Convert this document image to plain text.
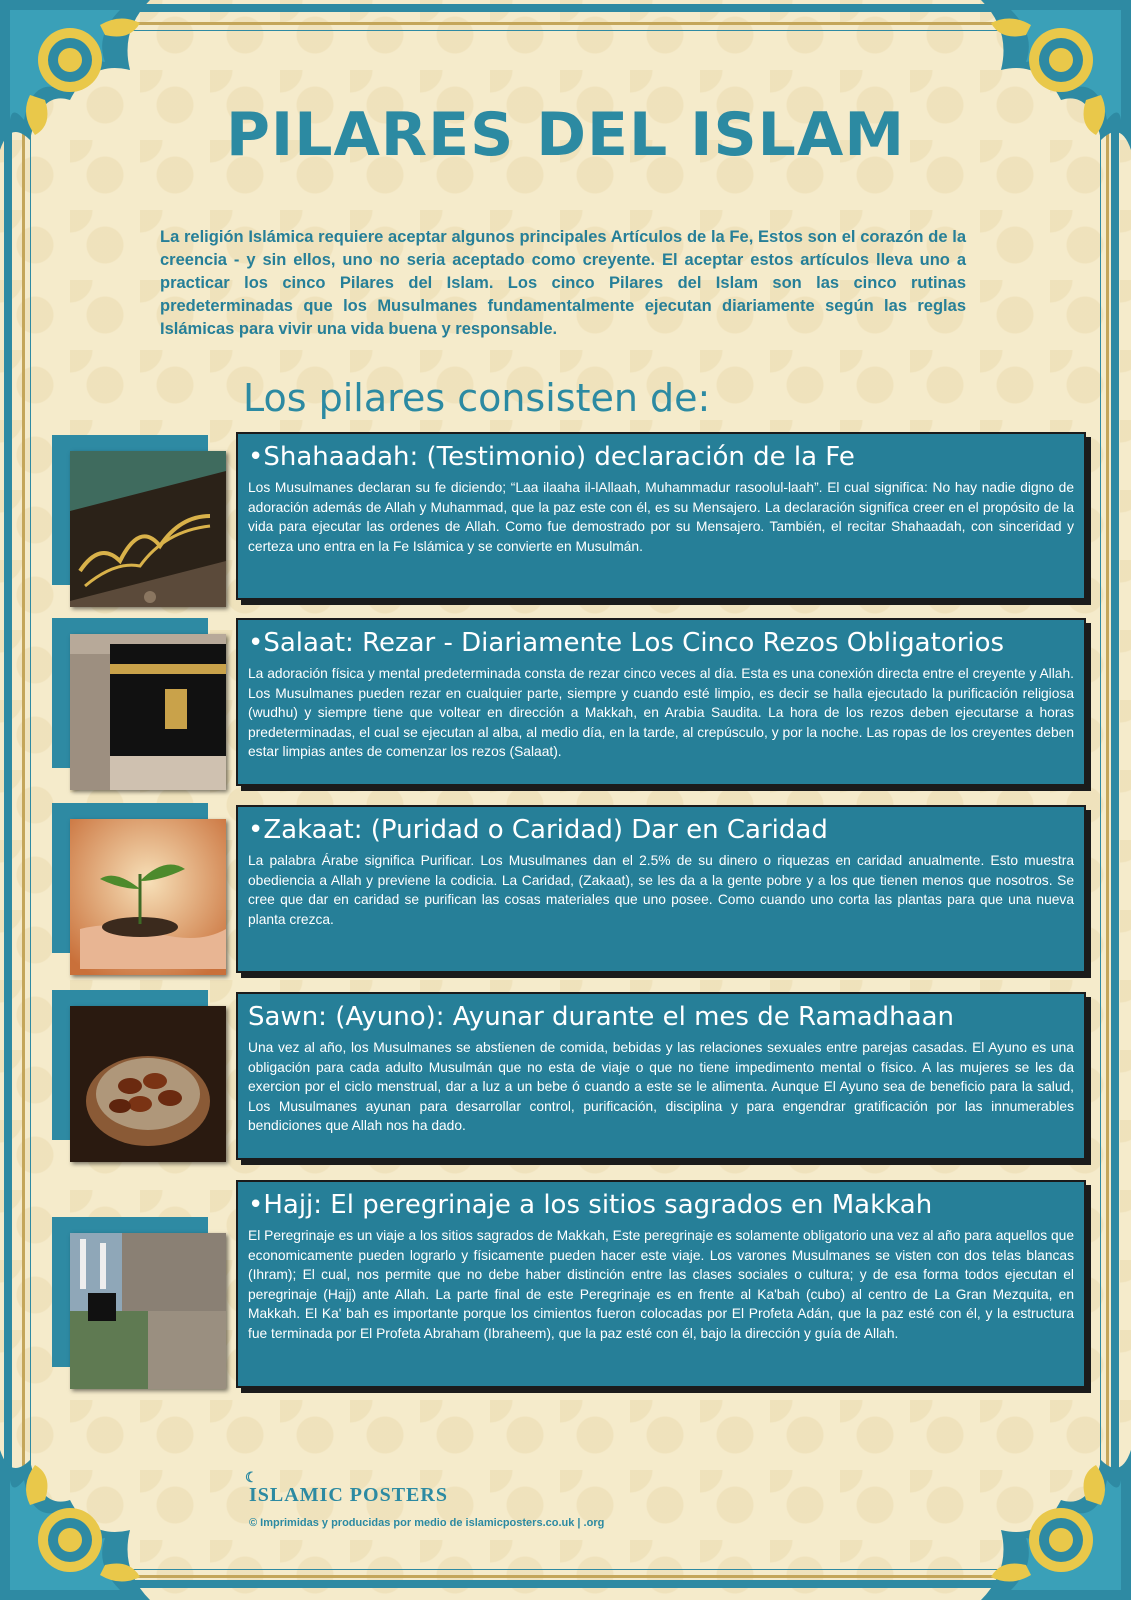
PILARES DEL ISLAM
La religión Islámica requiere aceptar algunos principales Artículos de la Fe, Estos son el corazón de la creencia - y sin ellos, uno no seria aceptado como creyente. El aceptar estos artículos lleva uno a practicar los cinco Pilares del Islam. Los cinco Pilares del Islam son las cinco rutinas predeterminadas que los Musulmanes fundamentalmente ejecutan diariamente según las reglas Islámicas para vivir una vida buena y responsable.
Los pilares consisten de:
•Shahaadah: (Testimonio) declaración de la Fe
Los Musulmanes declaran su fe diciendo; “Laa ilaaha il-lAllaah, Muhammadur rasoolul-laah”. El cual significa: No hay nadie digno de adoración además de Allah y Muhammad, que la paz este con él, es su Mensajero. La declaración significa creer en el propósito de la vida para ejecutar las ordenes de Allah. Como fue demostrado por su Mensajero. También, el recitar Shahaadah, con sinceridad y certeza uno entra en la Fe Islámica y se convierte en Musulmán.
•Salaat: Rezar - Diariamente Los Cinco Rezos Obligatorios
La adoración física y mental predeterminada consta de rezar cinco veces al día. Esta es una conexión directa entre el creyente y Allah. Los Musulmanes pueden rezar en cualquier parte, siempre y cuando esté limpio, es decir se halla ejecutado la purificación religiosa (wudhu) y siempre tiene que voltear en dirección a Makkah, en Arabia Saudita. La hora de los rezos deben ejecutarse a horas predeterminadas, el cual se ejecutan al alba, al medio día, en la tarde, al crepúsculo, y por la noche. Las ropas de los creyentes deben estar limpias antes de comenzar los rezos (Salaat).
•Zakaat: (Puridad o Caridad) Dar en Caridad
La palabra Árabe significa Purificar. Los Musulmanes dan el 2.5% de su dinero o riquezas en caridad anualmente. Esto muestra obediencia a Allah y previene la codicia. La Caridad, (Zakaat), se les da a la gente pobre y a los que tienen menos que nosotros. Se cree que dar en caridad se purifican las cosas materiales que uno posee. Como cuando uno corta las plantas para que una nueva planta crezca.
Sawn: (Ayuno): Ayunar durante el mes de Ramadhaan
Una vez al año, los Musulmanes se abstienen de comida, bebidas y las relaciones sexuales entre parejas casadas. El Ayuno es una obligación para cada adulto Musulmán que no esta de viaje o que no tiene impedimento mental o físico. A las mujeres se les da exercion por el ciclo menstrual, dar a luz a un bebe ó cuando a este se le alimenta. Aunque El Ayuno sea de beneficio para la salud, Los Musulmanes ayunan para desarrollar control, purificación, disciplina y para engendrar gratificación por las innumerables bendiciones que Allah nos ha dado.
•Hajj: El peregrinaje a los sitios sagrados en Makkah
El Peregrinaje es un viaje a los sitios sagrados de Makkah, Este peregrinaje es solamente obligatorio una vez al año para aquellos que economicamente pueden lograrlo y físicamente pueden hacer este viaje. Los varones Musulmanes se visten con dos telas blancas (Ihram); El cual, nos permite que no debe haber distinción entre las clases sociales o cultura; y de esa forma todos ejecutan el peregrinaje (Hajj) ante Allah. La parte final de este Peregrinaje es en frente al Ka'bah (cubo) al centro de La Gran Mezquita, en Makkah. El Ka' bah es importante porque los cimientos fueron colocadas por El Profeta Adán, que la paz esté con él, y la estructura fue terminada por El Profeta Abraham (Ibraheem), que la paz esté con él, bajo la dirección y guía de Allah.
☾
ISLAMIC POSTERS
© Imprimidas y producidas por medio de islamicposters.co.uk | .org
